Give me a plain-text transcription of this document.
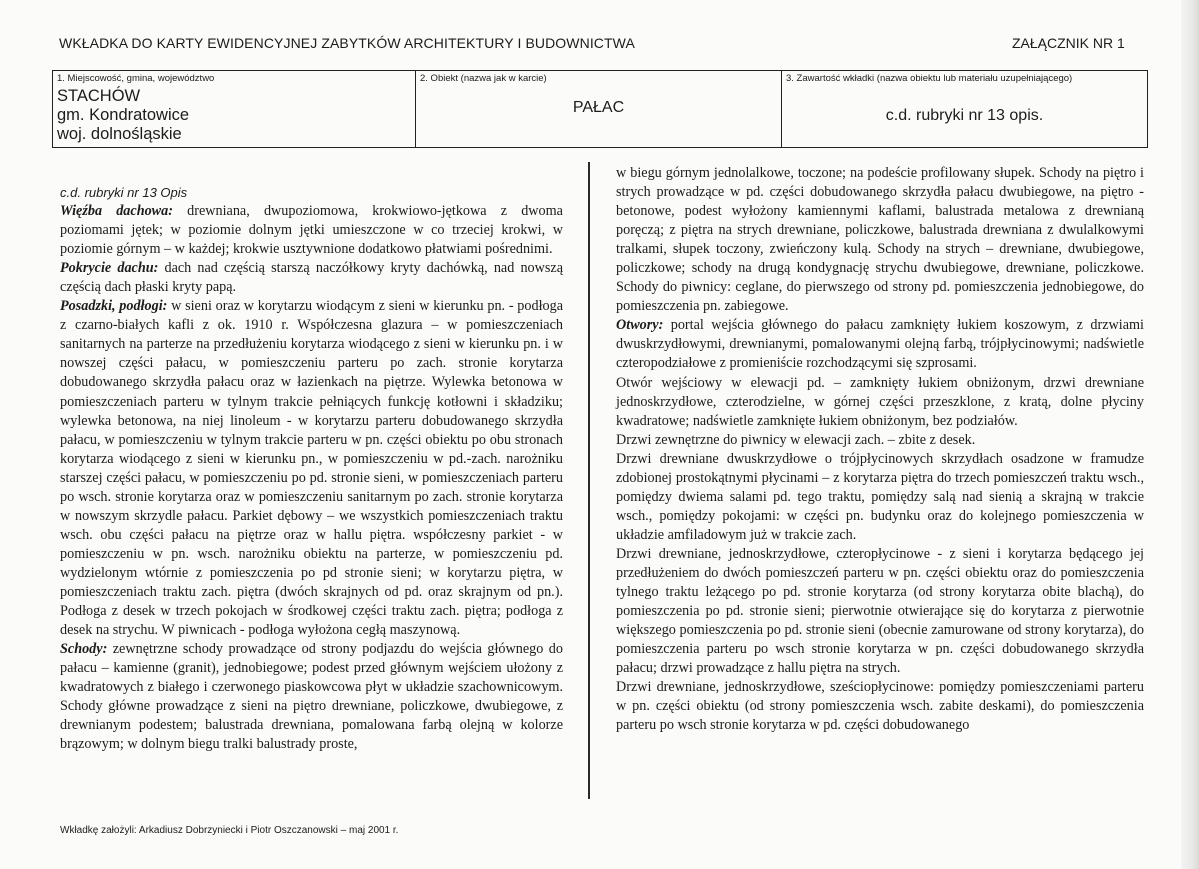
WKŁADKA DO KARTY EWIDENCYJNEJ ZABYTKÓW ARCHITEKTURY I BUDOWNICTWA	ZAŁĄCZNIK NR 1
1. Miejscowość, gmina, województwo
STACHÓW
gm. Kondratowice
woj. dolnośląskie
2. Obiekt (nazwa jak w karcie)
PAŁAC
3. Zawartość wkładki (nazwa obiektu lub materiału uzupełniającego)
c.d. rubryki nr 13 opis.

c.d. rubryki nr 13 Opis

Więźba dachowa: drewniana, dwupoziomowa, krokwiowo-jętkowa z dwoma poziomami jętek; w poziomie dolnym jętki umieszczone w co trzeciej krokwi, w poziomie górnym – w każdej; krokwie usztywnione dodatkowo płatwiami pośrednimi.

Pokrycie dachu: dach nad częścią starszą naczółkowy kryty dachówką, nad nowszą częścią dach płaski kryty papą.

Posadzki, podłogi: w sieni oraz w korytarzu wiodącym z sieni w kierunku pn. - podłoga z czarno-białych kafli z ok. 1910 r. Współczesna glazura – w pomieszczeniach sanitarnych na parterze na przedłużeniu korytarza wiodącego z sieni w kierunku pn. i w nowszej części pałacu, w pomieszczeniu parteru po zach. stronie korytarza dobudowanego skrzydła pałacu oraz w łazienkach na piętrze. Wylewka betonowa w pomieszczeniach parteru w tylnym trakcie pełniących funkcję kotłowni i składziku; wylewka betonowa, na niej linoleum - w korytarzu parteru dobudowanego skrzydła pałacu, w pomieszczeniu w tylnym trakcie parteru w pn. części obiektu po obu stronach korytarza wiodącego z sieni w kierunku pn., w pomieszczeniu w pd.-zach. narożniku starszej części pałacu, w pomieszczeniu po pd. stronie sieni, w pomieszczeniach parteru po wsch. stronie korytarza oraz w pomieszczeniu sanitarnym po zach. stronie korytarza w nowszym skrzydle pałacu. Parkiet dębowy – we wszystkich pomieszczeniach traktu wsch. obu części pałacu na piętrze oraz w hallu piętra. współczesny parkiet - w pomieszczeniu w pn. wsch. narożniku obiektu na parterze, w pomieszczeniu pd. wydzielonym wtórnie z pomieszczenia po pd stronie sieni; w korytarzu piętra, w pomieszczeniach traktu zach. piętra (dwóch skrajnych od pd. oraz skrajnym od pn.). Podłoga z desek w trzech pokojach w środkowej części traktu zach. piętra; podłoga z desek na strychu. W piwnicach - podłoga wyłożona cegłą maszynową.

Schody: zewnętrzne schody prowadzące od strony podjazdu do wejścia głównego do pałacu – kamienne (granit), jednobiegowe; podest przed głównym wejściem ułożony z kwadratowych z białego i czerwonego piaskowcowa płyt w układzie szachownicowym. Schody główne prowadzące z sieni na piętro drewniane, policzkowe, dwubiegowe, z drewnianym podestem; balustrada drewniana, pomalowana farbą olejną w kolorze brązowym; w dolnym biegu tralki balustrady proste,

w biegu górnym jednolalkowe, toczone; na podeście profilowany słupek. Schody na piętro i strych prowadzące w pd. części dobudowanego skrzydła pałacu dwubiegowe, na piętro - betonowe, podest wyłożony kamiennymi kaflami, balustrada metalowa z drewnianą poręczą; z piętra na strych drewniane, policzkowe, balustrada drewniana z dwulalkowymi tralkami, słupek toczony, zwieńczony kulą. Schody na strych – drewniane, dwubiegowe, policzkowe; schody na drugą kondygnację strychu dwubiegowe, drewniane, policzkowe. Schody do piwnicy: ceglane, do pierwszego od strony pd. pomieszczenia jednobiegowe, do pomieszczenia pn. zabiegowe.

Otwory: portal wejścia głównego do pałacu zamknięty łukiem koszowym, z drzwiami dwuskrzydłowymi, drewnianymi, pomalowanymi olejną farbą, trójpłycinowymi; nadświetle czteropodziałowe z promieniście rozchodzącymi się szprosami.

Otwór wejściowy w elewacji pd. – zamknięty łukiem obniżonym, drzwi drewniane jednoskrzydłowe, czterodzielne, w górnej części przeszklone, z kratą, dolne płyciny kwadratowe; nadświetle zamknięte łukiem obniżonym, bez podziałów.

Drzwi zewnętrzne do piwnicy w elewacji zach. – zbite z desek.

Drzwi drewniane dwuskrzydłowe o trójpłycinowych skrzydłach osadzone w framudze zdobionej prostokątnymi płycinami – z korytarza piętra do trzech pomieszczeń traktu wsch., pomiędzy dwiema salami pd. tego traktu, pomiędzy salą nad sienią a skrajną w trakcie wsch., pomiędzy pokojami: w części pn. budynku oraz do kolejnego pomieszczenia w układzie amfiladowym już w trakcie zach.

Drzwi drewniane, jednoskrzydłowe, czteropłycinowe - z sieni i korytarza będącego jej przedłużeniem do dwóch pomieszczeń parteru w pn. części obiektu oraz do pomieszczenia tylnego traktu leżącego po pd. stronie korytarza (od strony korytarza obite blachą), do pomieszczenia po pd. stronie sieni; pierwotnie otwierające się do korytarza z pierwotnie większego pomieszczenia po pd. stronie sieni (obecnie zamurowane od strony korytarza), do pomieszczenia parteru po wsch stronie korytarza w pn. części dobudowanego skrzydła pałacu; drzwi prowadzące z hallu piętra na strych.

Drzwi drewniane, jednoskrzydłowe, sześciopłycinowe: pomiędzy pomieszczeniami parteru w pn. części obiektu (od strony pomieszczenia wsch. zabite deskami), do pomieszczenia parteru po wsch stronie korytarza w pd. części dobudowanego

Wkładkę założyli: Arkadiusz Dobrzyniecki i Piotr Oszczanowski – maj 2001 r.
